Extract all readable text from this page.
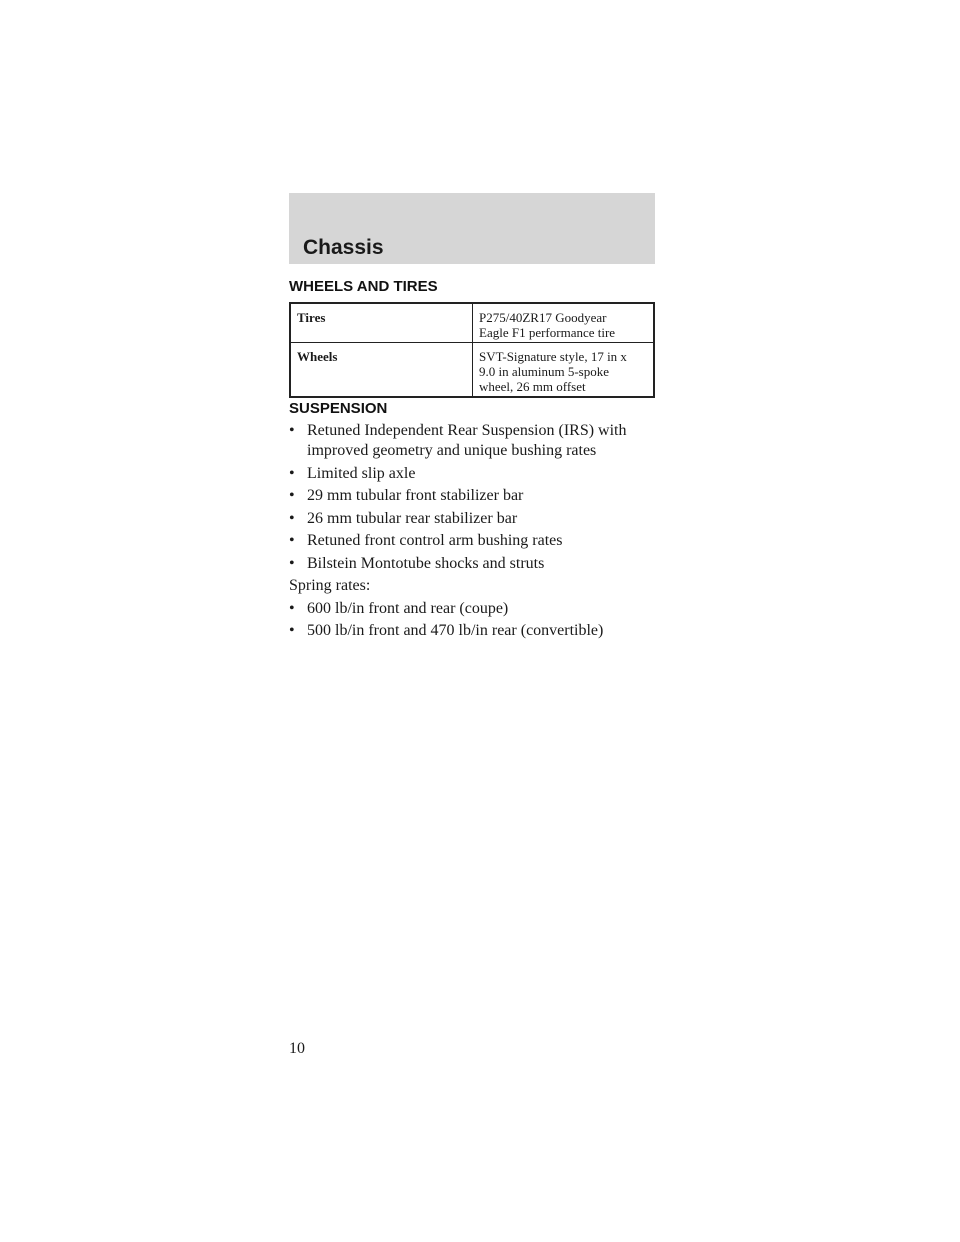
Chassis
WHEELS AND TIRES
Tires	P275/40ZR17 Goodyear
Eagle F1 performance tire

Wheels	SVT-Signature style, 17 in x
9.0 in aluminum 5-spoke
wheel, 26 mm offset
SUSPENSION
• Retuned Independent Rear Suspension (IRS) with
improved geometry and unique bushing rates
• Limited slip axle
• 29 mm tubular front stabilizer bar
• 26 mm tubular rear stabilizer bar
• Retuned front control arm bushing rates
• Bilstein Montotube shocks and struts

Spring rates:

• 600 lb/in front and rear (coupe)
• 500 lb/in front and 470 lb/in rear (convertible)
10
